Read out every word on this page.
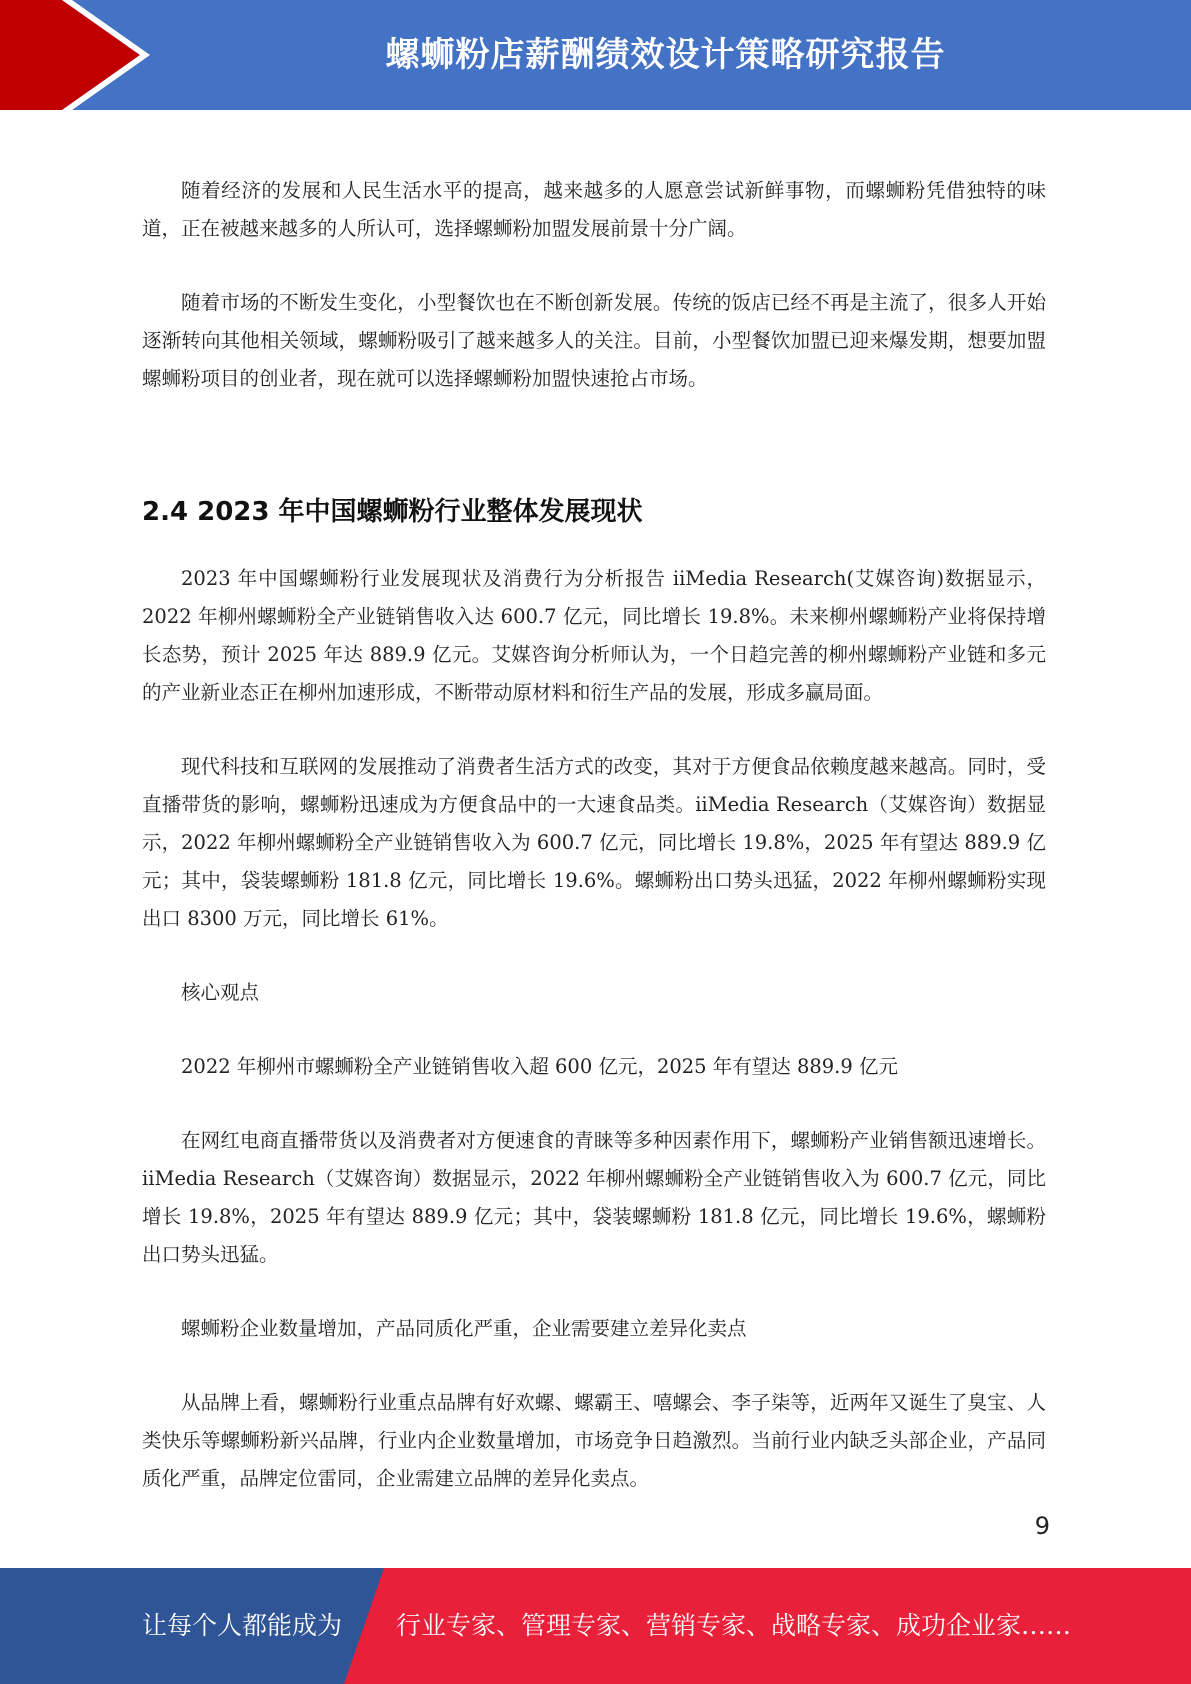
螺蛳粉店薪酬绩效设计策略研究报告

随着经济的发展和人民生活水平的提高，越来越多的人愿意尝试新鲜事物，而螺蛳粉凭借独特的味道，正在被越来越多的人所认可，选择螺蛳粉加盟发展前景十分广阔。

随着市场的不断发生变化，小型餐饮也在不断创新发展。传统的饭店已经不再是主流了，很多人开始逐渐转向其他相关领域，螺蛳粉吸引了越来越多人的关注。目前，小型餐饮加盟已迎来爆发期，想要加盟螺蛳粉项目的创业者，现在就可以选择螺蛳粉加盟快速抢占市场。

2.4 2023 年中国螺蛳粉行业整体发展现状

2023 年中国螺蛳粉行业发展现状及消费行为分析报告 iiMedia Research(艾媒咨询)数据显示，2022 年柳州螺蛳粉全产业链销售收入达 600.7 亿元，同比增长 19.8%。未来柳州螺蛳粉产业将保持增长态势，预计 2025 年达 889.9 亿元。艾媒咨询分析师认为，一个日趋完善的柳州螺蛳粉产业链和多元的产业新业态正在柳州加速形成，不断带动原材料和衍生产品的发展，形成多赢局面。

现代科技和互联网的发展推动了消费者生活方式的改变，其对于方便食品依赖度越来越高。同时，受直播带货的影响，螺蛳粉迅速成为方便食品中的一大速食品类。iiMedia Research（艾媒咨询）数据显示，2022 年柳州螺蛳粉全产业链销售收入为 600.7 亿元，同比增长 19.8%，2025 年有望达 889.9 亿元；其中，袋装螺蛳粉 181.8 亿元，同比增长 19.6%。螺蛳粉出口势头迅猛，2022 年柳州螺蛳粉实现出口 8300 万元，同比增长 61%。

核心观点

2022 年柳州市螺蛳粉全产业链销售收入超 600 亿元，2025 年有望达 889.9 亿元

在网红电商直播带货以及消费者对方便速食的青睐等多种因素作用下，螺蛳粉产业销售额迅速增长。iiMedia Research（艾媒咨询）数据显示，2022 年柳州螺蛳粉全产业链销售收入为 600.7 亿元，同比增长 19.8%，2025 年有望达 889.9 亿元；其中，袋装螺蛳粉 181.8 亿元，同比增长 19.6%，螺蛳粉出口势头迅猛。

螺蛳粉企业数量增加，产品同质化严重，企业需要建立差异化卖点

从品牌上看，螺蛳粉行业重点品牌有好欢螺、螺霸王、嘻螺会、李子柒等，近两年又诞生了臭宝、人类快乐等螺蛳粉新兴品牌，行业内企业数量增加，市场竞争日趋激烈。当前行业内缺乏头部企业，产品同质化严重，品牌定位雷同，企业需建立品牌的差异化卖点。

9
让每个人都能成为 行业专家、管理专家、营销专家、战略专家、成功企业家……
